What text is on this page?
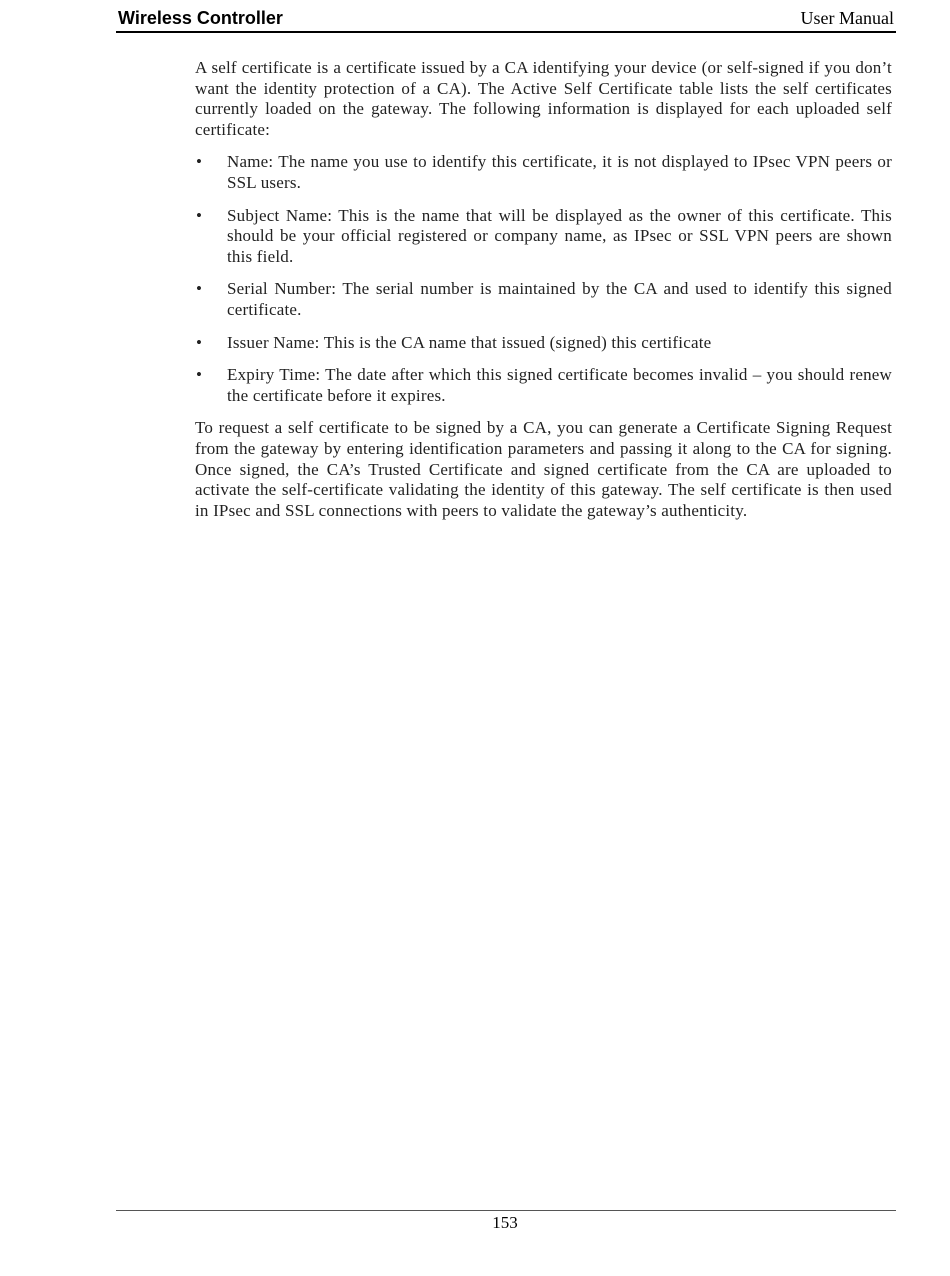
Wireless Controller	User Manual

A self certificate is a certificate issued by a CA identifying your device (or self-signed if you don’t want the identity protection of a CA). The Active Self Certificate table lists the self certificates currently loaded on the gateway. The following information is displayed for each uploaded self certificate:

• Name: The name you use to identify this certificate, it is not displayed to IPsec VPN peers or SSL users.
• Subject Name: This is the name that will be displayed as the owner of this certificate. This should be your official registered or company name, as IPsec or SSL VPN peers are shown this field.
• Serial Number: The serial number is maintained by the CA and used to identify this signed certificate.
• Issuer Name: This is the CA name that issued (signed) this certificate
• Expiry Time: The date after which this signed certificate becomes invalid – you should renew the certificate before it expires.

To request a self certificate to be signed by a CA, you can generate a Certificate Signing Request from the gateway by entering identification parameters and passing it along to the CA for signing. Once signed, the CA’s Trusted Certificate and signed certificate from the CA are uploaded to activate the self-certificate validating the identity of this gateway. The self certificate is then used in IPsec and SSL connections with peers to validate the gateway’s authenticity.

153
